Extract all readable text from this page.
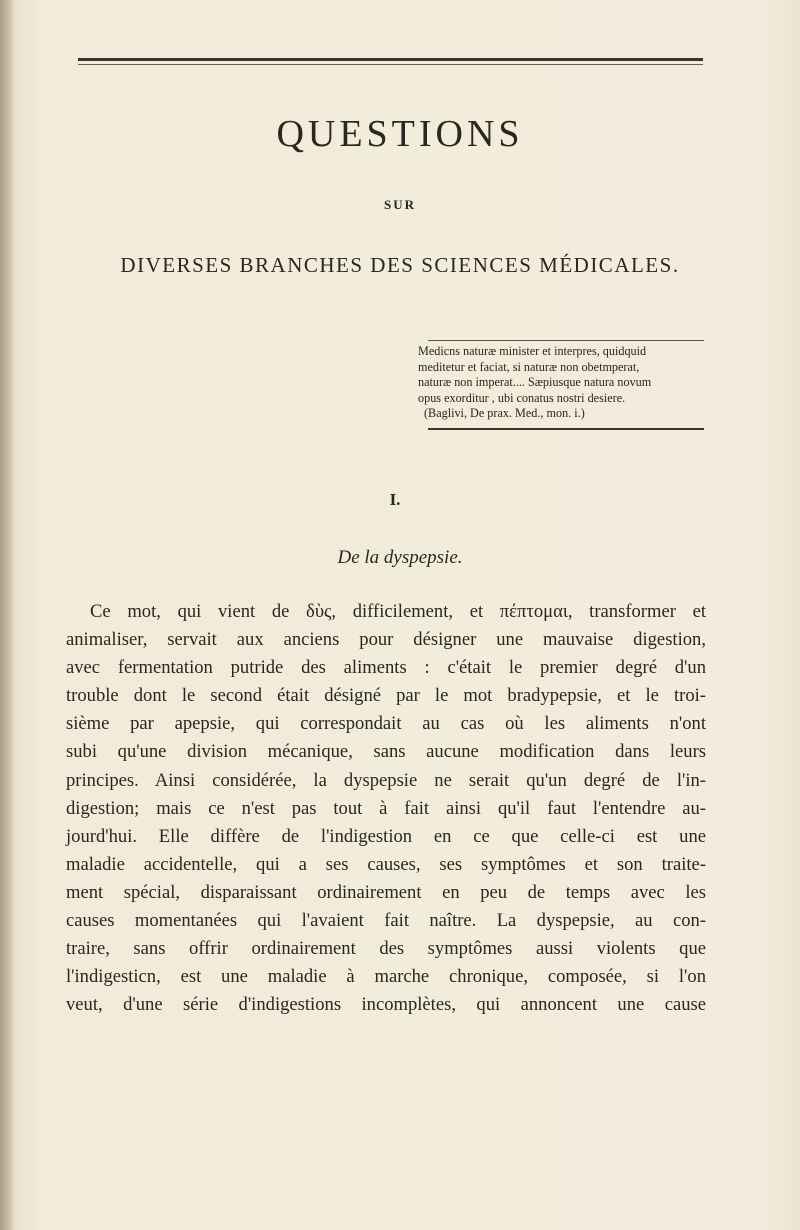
QUESTIONS
SUR
DIVERSES BRANCHES DES SCIENCES MÉDICALES.
Medicns naturæ minister et interpres, quidquid
meditetur et faciat, si naturæ non obetmperat,
naturæ non imperat.... Sæpiusque natura novum
opus exorditur , ubi conatus nostri desiere.
(Baglivi, De prax. Med., mon. i.)
I.
De la dyspepsie.
Ce mot, qui vient de δὺς, difficilement, et πέπτομαι, transformer et
animaliser, servait aux anciens pour désigner une mauvaise digestion,
avec fermentation putride des aliments : c'était le premier degré d'un
trouble dont le second était désigné par le mot bradypepsie, et le troi-
sième par apepsie, qui correspondait au cas où les aliments n'ont
subi qu'une division mécanique, sans aucune modification dans leurs
principes. Ainsi considérée, la dyspepsie ne serait qu'un degré de l'in-
digestion; mais ce n'est pas tout à fait ainsi qu'il faut l'entendre au-
jourd'hui. Elle diffère de l'indigestion en ce que celle-ci est une
maladie accidentelle, qui a ses causes, ses symptômes et son traite-
ment spécial, disparaissant ordinairement en peu de temps avec les
causes momentanées qui l'avaient fait naître. La dyspepsie, au con-
traire, sans offrir ordinairement des symptômes aussi violents que
l'indigesticn, est une maladie à marche chronique, composée, si l'on
veut, d'une série d'indigestions incomplètes, qui annoncent une cause
